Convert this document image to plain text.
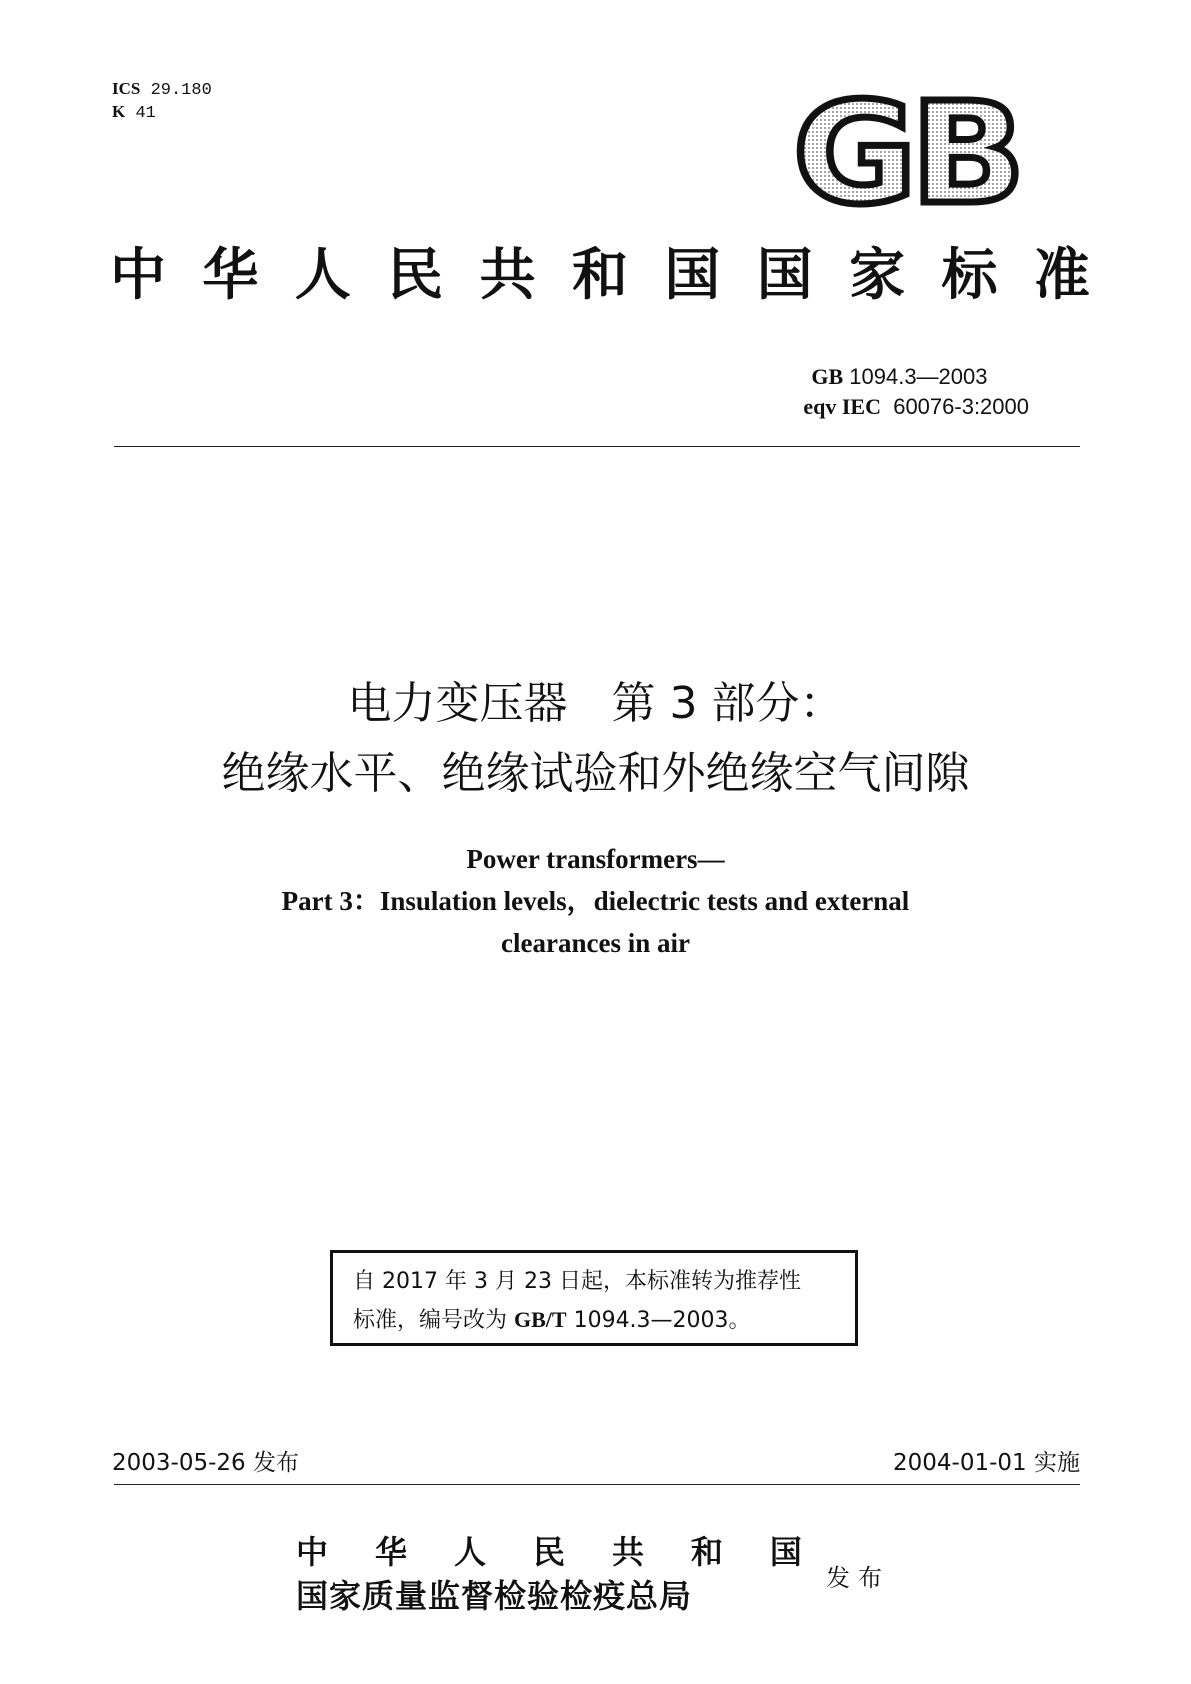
ICS 29.180
K 41	GB
中 华 人 民 共 和 国 国 家 标 准
GB 1094.3—2003
eqv IEC 60076-3:2000
电力变压器　第 3 部分：
绝缘水平、绝缘试验和外绝缘空气间隙
Power transformers—
Part 3：Insulation levels，dielectric tests and external
clearances in air
自 2017 年 3 月 23 日起，本标准转为推荐性
标准，编号改为 GB/T 1094.3—2003。
2003-05-26 发布	2004-01-01 实施
中 华 人 民 共 和 国
国家质量监督检验检疫总局	发布
